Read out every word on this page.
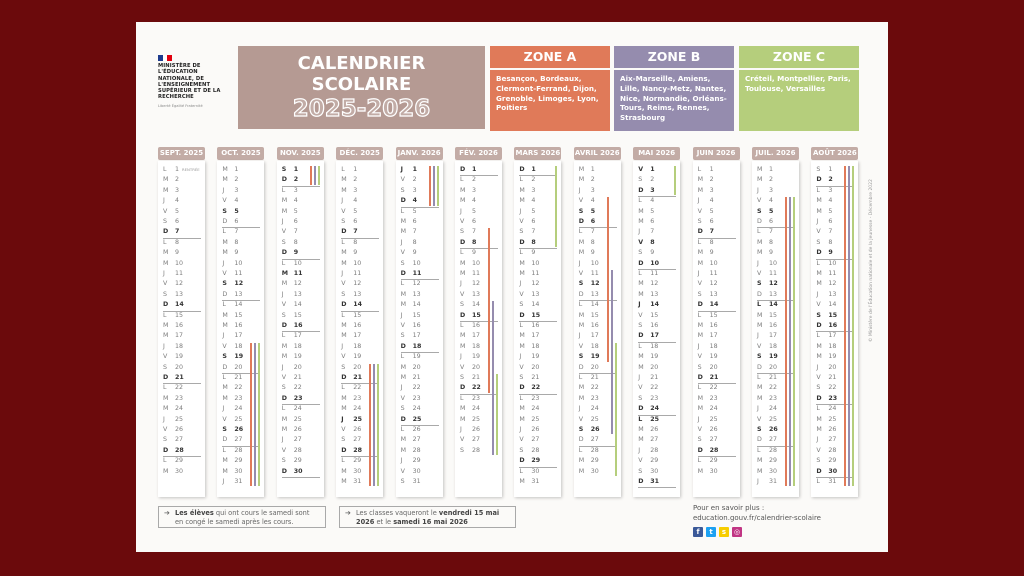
MINISTÈRE DE L'ÉDUCATION NATIONALE, DE L'ENSEIGNEMENT SUPÉRIEUR ET DE LA RECHERCHE
Liberté Égalité Fraternité
CALENDRIER
SCOLAIRE
2025-2026
ZONE A
Besançon, Bordeaux, Clermont-Ferrand, Dijon, Grenoble, Limoges, Lyon, Poitiers
ZONE B
Aix-Marseille, Amiens, Lille, Nancy-Metz, Nantes, Nice, Normandie, Orléans-Tours, Reims, Rennes, Strasbourg
ZONE C
Créteil, Montpellier, Paris, Toulouse, Versailles
SEPT. 2025
L 1 RENTRÉE
M 2
M 3
J 4
V 5
S 6
D 7
L 8
M 9
M 10
J 11
V 12
S 13
D 14
L 15
M 16
M 17
J 18
V 19
S 20
D 21
L 22
M 23
M 24
J 25
V 26
S 27
D 28
L 29
M 30
OCT. 2025
M 1
M 2
J 3
V 4
S 5
D 6
L 7
M 8
M 9
J 10
V 11
S 12
D 13
L 14
M 15
M 16
J 17
V 18
S 19
D 20
L 21
M 22
M 23
J 24
V 25
S 26
D 27
L 28
M 29
M 30
J 31
NOV. 2025
S 1
D 2
L 3
M 4
M 5
J 6
V 7
S 8
D 9
L 10
M 11
M 12
J 13
V 14
S 15
D 16
L 17
M 18
M 19
J 20
V 21
S 22
D 23
L 24
M 25
M 26
J 27
V 28
S 29
D 30
DÉC. 2025
L 1
M 2
M 3
J 4
V 5
S 6
D 7
L 8
M 9
M 10
J 11
V 12
S 13
D 14
L 15
M 16
M 17
J 18
V 19
S 20
D 21
L 22
M 23
M 24
J 25
V 26
S 27
D 28
L 29
M 30
M 31
JANV. 2026
J 1
V 2
S 3
D 4
L 5
M 6
M 7
J 8
V 9
S 10
D 11
L 12
M 13
M 14
J 15
V 16
S 17
D 18
L 19
M 20
M 21
J 22
V 23
S 24
D 25
L 26
M 27
M 28
J 29
V 30
S 31
FÉV. 2026
D 1
L 2
M 3
M 4
J 5
V 6
S 7
D 8
L 9
M 10
M 11
J 12
V 13
S 14
D 15
L 16
M 17
M 18
J 19
V 20
S 21
D 22
L 23
M 24
M 25
J 26
V 27
S 28
MARS 2026
D 1
L 2
M 3
M 4
J 5
V 6
S 7
D 8
L 9
M 10
M 11
J 12
V 13
S 14
D 15
L 16
M 17
M 18
J 19
V 20
S 21
D 22
L 23
M 24
M 25
J 26
V 27
S 28
D 29
L 30
M 31
AVRIL 2026
M 1
M 2
J 3
V 4
S 5
D 6
L 7
M 8
M 9
J 10
V 11
S 12
D 13
L 14
M 15
M 16
J 17
V 18
S 19
D 20
L 21
M 22
M 23
J 24
V 25
S 26
D 27
L 28
M 29
M 30
MAI 2026
V 1
S 2
D 3
L 4
M 5
M 6
J 7
V 8
S 9
D 10
L 11
M 12
M 13
J 14
V 15
S 16
D 17
L 18
M 19
M 20
J 21
V 22
S 23
D 24
L 25
M 26
M 27
J 28
V 29
S 30
D 31
JUIN 2026
L 1
M 2
M 3
J 4
V 5
S 6
D 7
L 8
M 9
M 10
J 11
V 12
S 13
D 14
L 15
M 16
M 17
J 18
V 19
S 20
D 21
L 22
M 23
M 24
J 25
V 26
S 27
D 28
L 29
M 30
JUIL. 2026
M 1
M 2
J 3
V 4
S 5
D 6
L 7
M 8
M 9
J 10
V 11
S 12
D 13
L 14
M 15
M 16
J 17
V 18
S 19
D 20
L 21
M 22
M 23
J 24
V 25
S 26
D 27
L 28
M 29
M 30
J 31
AOÛT 2026
S 1
D 2
L 3
M 4
M 5
J 6
V 7
S 8
D 9
L 10
M 11
M 12
J 13
V 14
S 15
D 16
L 17
M 18
M 19
J 20
V 21
S 22
D 23
L 24
M 25
M 26
J 27
V 28
S 29
D 30
L 31
➔ Les élèves qui ont cours le samedi sont en congé le samedi après les cours.
➔ Les classes vaqueront le vendredi 15 mai 2026 et le samedi 16 mai 2026
Pour en savoir plus :
education.gouv.fr/calendrier-scolaire
f	t	s	◎
© Ministère de l'Éducation nationale et de la Jeunesse - Décembre 2022
